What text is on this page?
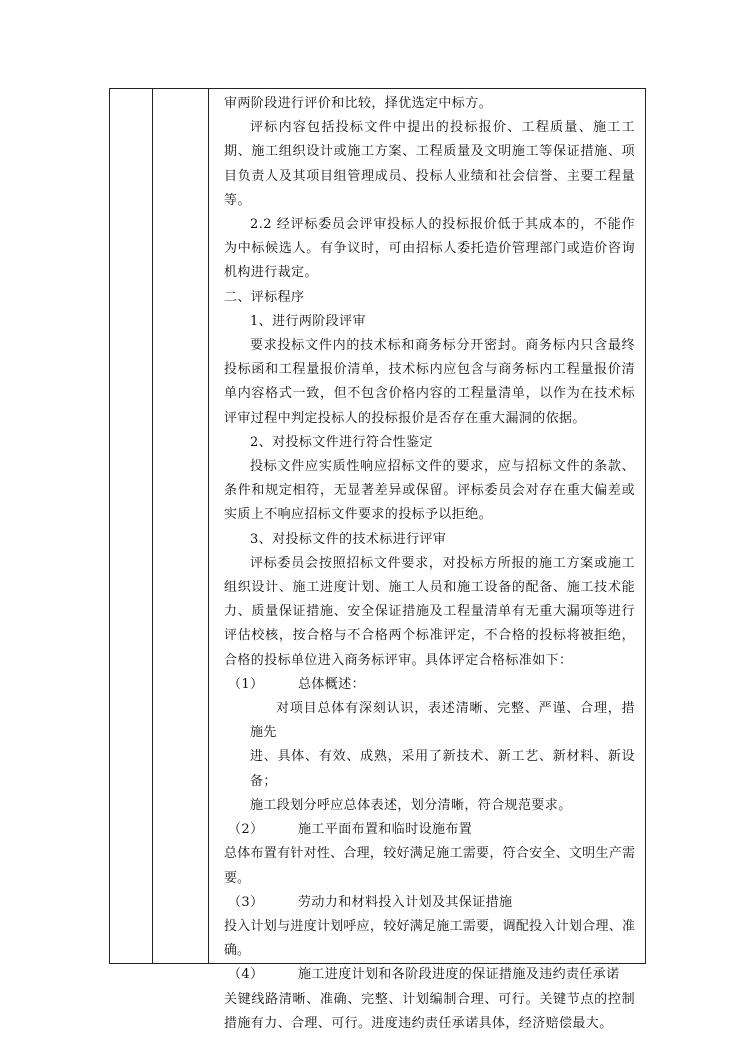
审两阶段进行评价和比较，择优选定中标方。

评标内容包括投标文件中提出的投标报价、工程质量、施工工期、施工组织设计或施工方案、工程质量及文明施工等保证措施、项目负责人及其项目组管理成员、投标人业绩和社会信誉、主要工程量等。

2.2 经评标委员会评审投标人的投标报价低于其成本的，不能作为中标候选人。有争议时，可由招标人委托造价管理部门或造价咨询机构进行裁定。

二、评标程序

1、进行两阶段评审

要求投标文件内的技术标和商务标分开密封。商务标内只含最终投标函和工程量报价清单，技术标内应包含与商务标内工程量报价清单内容格式一致，但不包含价格内容的工程量清单，以作为在技术标评审过程中判定投标人的投标报价是否存在重大漏洞的依据。

2、对投标文件进行符合性鉴定

投标文件应实质性响应招标文件的要求，应与招标文件的条款、条件和规定相符，无显著差异或保留。评标委员会对存在重大偏差或实质上不响应招标文件要求的投标予以拒绝。

3、对投标文件的技术标进行评审

评标委员会按照招标文件要求，对投标方所报的施工方案或施工组织设计、施工进度计划、施工人员和施工设备的配备、施工技术能力、质量保证措施、安全保证措施及工程量清单有无重大漏项等进行评估校核，按合格与不合格两个标准评定，不合格的投标将被拒绝，合格的投标单位进入商务标评审。具体评定合格标准如下：

（1）	总体概述：

对项目总体有深刻认识，表述清晰、完整、严谨、合理，措施先

进、具体、有效、成熟，采用了新技术、新工艺、新材料、新设备；

施工段划分呼应总体表述，划分清晰，符合规范要求。

（2）	施工平面布置和临时设施布置

总体布置有针对性、合理，较好满足施工需要，符合安全、文明生产需要。

（3）	劳动力和材料投入计划及其保证措施

投入计划与进度计划呼应，较好满足施工需要，调配投入计划合理、准确。

（4）	施工进度计划和各阶段进度的保证措施及违约责任承诺

关键线路清晰、准确、完整、计划编制合理、可行。关键节点的控制措施有力、合理、可行。进度违约责任承诺具体，经济赔偿最大。
